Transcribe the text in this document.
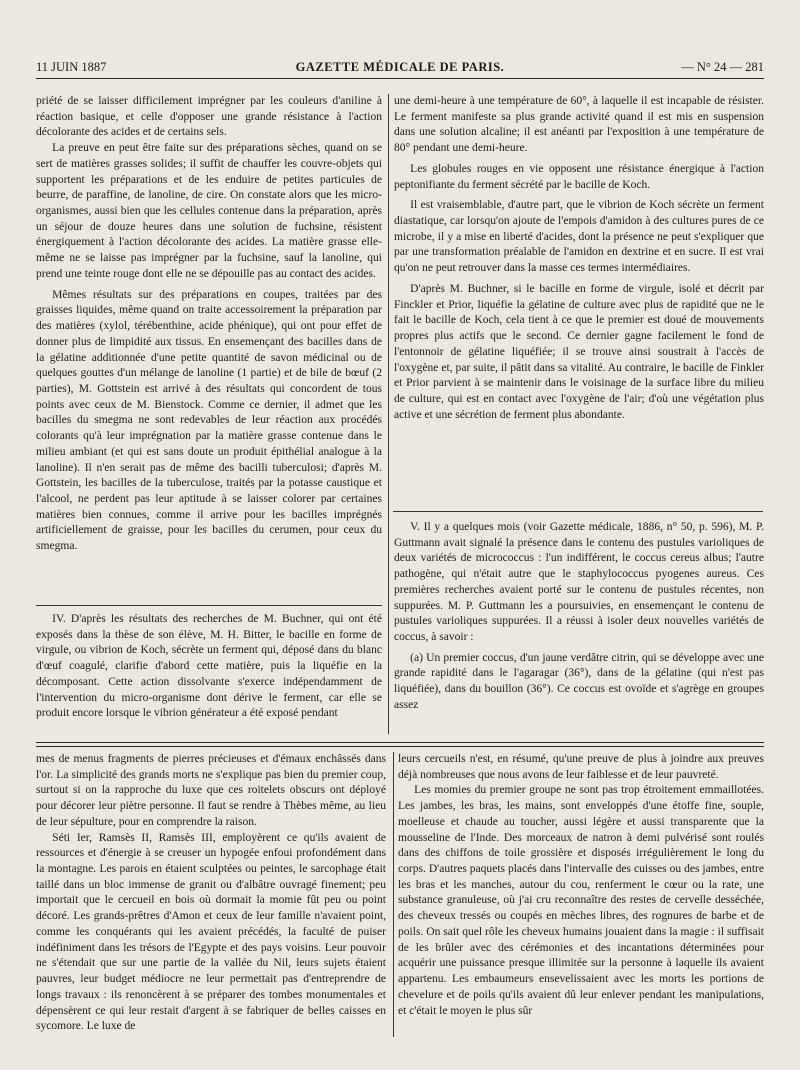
11 JUIN 1887	GAZETTE MÉDICALE DE PARIS.	— N° 24 — 281

priété de se laisser difficilement imprégner par les couleurs d'aniline à réaction basique, et celle d'opposer une grande résistance à l'action décolorante des acides et de certains sels.

La preuve en peut être faite sur des préparations sèches, quand on se sert de matières grasses solides; il suffit de chauffer les couvre-objets qui supportent les préparations et de les enduire de petites particules de beurre, de paraffine, de lanoline, de cire. On constate alors que les micro-organismes, aussi bien que les cellules contenue dans la préparation, après un séjour de douze heures dans une solution de fuchsine, résistent énergiquement à l'action décolorante des acides. La matière grasse elle-même ne se laisse pas imprégner par la fuchsine, sauf la lanoline, qui prend une teinte rouge dont elle ne se dépouille pas au contact des acides.

Mêmes résultats sur des préparations en coupes, traitées par des graisses liquides, même quand on traite accessoirement la préparation par des matières (xylol, térébenthine, acide phénique), qui ont pour effet de donner plus de limpidité aux tissus. En ensemençant des bacilles dans de la gélatine additionnée d'une petite quantité de savon médicinal ou de quelques gouttes d'un mélange de lanoline (1 partie) et de bile de bœuf (2 parties), M. Gottstein est arrivé à des résultats qui concordent de tous points avec ceux de M. Bienstock. Comme ce dernier, il admet que les bacilles du smegma ne sont redevables de leur réaction aux procédés colorants qu'à leur imprégnation par la matière grasse contenue dans le milieu ambiant (et qui est sans doute un produit épithélial analogue à la lanoline). Il n'en serait pas de même des bacilli tuberculosi; d'après M. Gottstein, les bacilles de la tuberculose, traités par la potasse caustique et l'alcool, ne perdent pas leur aptitude à se laisser colorer par certaines matières bien connues, comme il arrive pour les bacilles imprégnés artificiellement de graisse, pour les bacilles du cerumen, pour ceux du smegma.

IV. D'après les résultats des recherches de M. Buchner, qui ont été exposés dans la thèse de son élève, M. H. Bitter, le bacille en forme de virgule, ou vibrion de Koch, sécrète un ferment qui, déposé dans du blanc d'œuf coagulé, clarifie d'abord cette matière, puis la liquéfie en la décomposant. Cette action dissolvante s'exerce indépendamment de l'intervention du micro-organisme dont dérive le ferment, car elle se produit encore lorsque le vibrion générateur a été exposé pendant

une demi-heure à une température de 60°, à laquelle il est incapable de résister. Le ferment manifeste sa plus grande activité quand il est mis en suspension dans une solution alcaline; il est anéanti par l'exposition à une température de 80° pendant une demi-heure.

Les globules rouges en vie opposent une résistance énergique à l'action peptonifiante du ferment sécrété par le bacille de Koch.

Il est vraisemblable, d'autre part, que le vibrion de Koch sécrète un ferment diastatique, car lorsqu'on ajoute de l'empois d'amidon à des cultures pures de ce microbe, il y a mise en liberté d'acides, dont la présence ne peut s'expliquer que par une transformation préalable de l'amidon en dextrine et en sucre. Il est vrai qu'on ne peut retrouver dans la masse ces termes intermédiaires.

D'après M. Buchner, si le bacille en forme de virgule, isolé et décrit par Finckler et Prior, liquéfie la gélatine de culture avec plus de rapidité que ne le fait le bacille de Koch, cela tient à ce que le premier est doué de mouvements propres plus actifs que le second. Ce dernier gagne facilement le fond de l'entonnoir de gélatine liquéfiée; il se trouve ainsi soustrait à l'accès de l'oxygène et, par suite, il pâtit dans sa vitalité. Au contraire, le bacille de Finkler et Prior parvient à se maintenir dans le voisinage de la surface libre du milieu de culture, qui est en contact avec l'oxygène de l'air; d'où une végétation plus active et une sécrétion de ferment plus abondante.

V. Il y a quelques mois (voir Gazette médicale, 1886, n° 50, p. 596), M. P. Guttmann avait signalé la présence dans le contenu des pustules varioliques de deux variétés de micrococcus : l'un indifférent, le coccus cereus albus; l'autre pathogène, qui n'était autre que le staphylococcus pyogenes aureus. Ces premières recherches avaient porté sur le contenu de pustules récentes, non suppurées. M. P. Guttmann les a poursuivies, en ensemençant le contenu de pustules varioliques suppurées. Il a réussi à isoler deux nouvelles variétés de coccus, à savoir :

(a) Un premier coccus, d'un jaune verdâtre citrin, qui se développe avec une grande rapidité dans le l'agaragar (36°), dans de la gélatine (qui n'est pas liquéfiée), dans du bouillon (36°). Ce coccus est ovoïde et s'agrège en groupes assez

mes de menus fragments de pierres précieuses et d'émaux enchâssés dans l'or. La simplicité des grands morts ne s'explique pas bien du premier coup, surtout si on la rapproche du luxe que ces roitelets obscurs ont déployé pour décorer leur piètre personne. Il faut se rendre à Thèbes même, au lieu de leur sépulture, pour en comprendre la raison.

Séti Ier, Ramsès II, Ramsès III, employèrent ce qu'ils avaient de ressources et d'énergie à se creuser un hypogée enfoui profondément dans la montagne. Les parois en étaient sculptées ou peintes, le sarcophage était taillé dans un bloc immense de granit ou d'albâtre ouvragé finement; peu importait que le cercueil en bois où dormait la momie fût peu ou point décoré. Les grands-prêtres d'Amon et ceux de leur famille n'avaient point, comme les conquérants qui les avaient précédés, la faculté de puiser indéfiniment dans les trésors de l'Egypte et des pays voisins. Leur pouvoir ne s'étendait que sur une partie de la vallée du Nil, leurs sujets étaient pauvres, leur budget médiocre ne leur permettait pas d'entreprendre de longs travaux : ils renoncèrent à se préparer des tombes monumentales et dépensèrent ce qui leur restait d'argent à se fabriquer de belles caisses en sycomore. Le luxe de

leurs cercueils n'est, en résumé, qu'une preuve de plus à joindre aux preuves déjà nombreuses que nous avons de leur faiblesse et de leur pauvreté.

Les momies du premier groupe ne sont pas trop étroitement emmaillotées. Les jambes, les bras, les mains, sont enveloppés d'une étoffe fine, souple, moelleuse et chaude au toucher, aussi légère et aussi transparente que la mousseline de l'Inde. Des morceaux de natron à demi pulvérisé sont roulés dans des chiffons de toile grossière et disposés irrégulièrement le long du corps. D'autres paquets placés dans l'intervalle des cuisses ou des jambes, entre les bras et les manches, autour du cou, renferment le cœur ou la rate, une substance granuleuse, où j'ai cru reconnaître des restes de cervelle desséchée, des cheveux tressés ou coupés en mèches libres, des rognures de barbe et de poils. On sait quel rôle les cheveux humains jouaient dans la magie : il suffisait de les brûler avec des cérémonies et des incantations déterminées pour acquérir une puissance presque illimitée sur la personne à laquelle ils avaient appartenu. Les embaumeurs ensevelissaient avec les morts les portions de chevelure et de poils qu'ils avaient dû leur enlever pendant les manipulations, et c'était le moyen le plus sûr
